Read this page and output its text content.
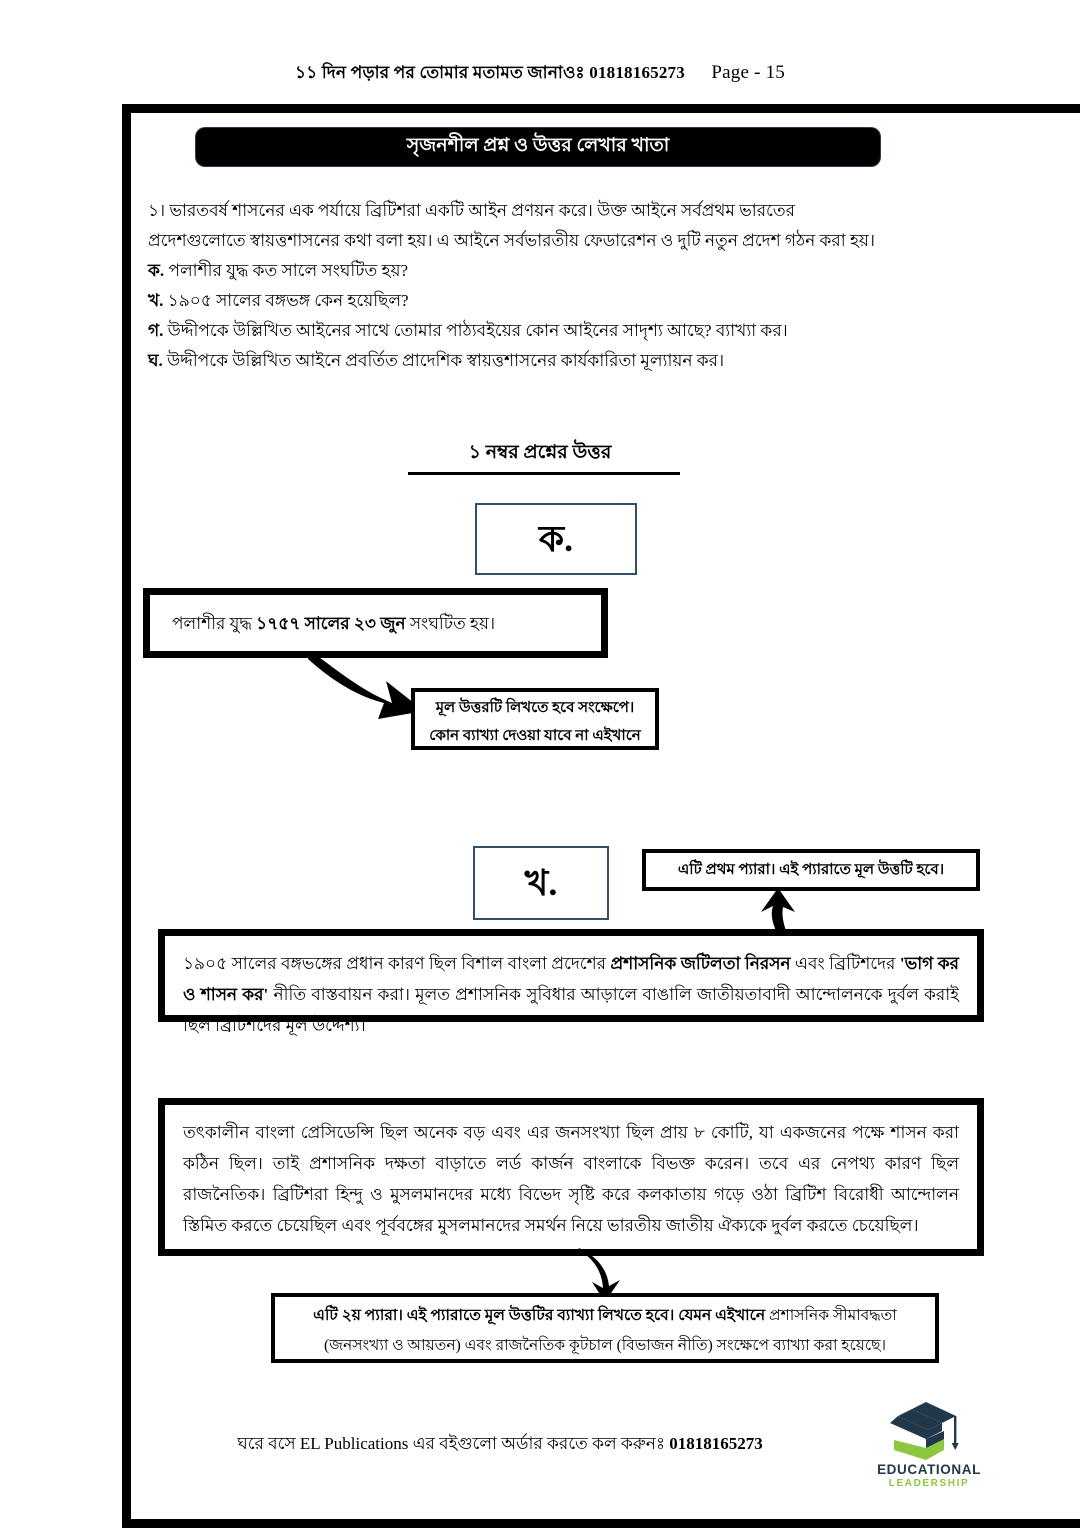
১১ দিন পড়ার পর তোমার মতামত জানাওঃ 01818165273 Page - 15
সৃজনশীল প্রশ্ন ও উত্তর লেখার খাতা
১। ভারতবর্ষ শাসনের এক পর্যায়ে ব্রিটিশরা একটি আইন প্রণয়ন করে। উক্ত আইনে সর্বপ্রথম ভারতের
প্রদেশগুলোতে স্বায়ত্তশাসনের কথা বলা হয়। এ আইনে সর্বভারতীয় ফেডারেশন ও দুটি নতুন প্রদেশ গঠন করা হয়।
ক. পলাশীর যুদ্ধ কত সালে সংঘটিত হয়?
খ. ১৯০৫ সালের বঙ্গভঙ্গ কেন হয়েছিল?
গ. উদ্দীপকে উল্লিখিত আইনের সাথে তোমার পাঠ্যবইয়ের কোন আইনের সাদৃশ্য আছে? ব্যাখ্যা কর।
ঘ. উদ্দীপকে উল্লিখিত আইনে প্রবর্তিত প্রাদেশিক স্বায়ত্তশাসনের কার্যকারিতা মূল্যায়ন কর।
১ নম্বর প্রশ্নের উত্তর
ক.

পলাশীর যুদ্ধ ১৭৫৭ সালের ২৩ জুন সংঘটিত হয়।

মূল উত্তরটি লিখতে হবে সংক্ষেপে।
কোন ব্যাখ্যা দেওয়া যাবে না এইখানে
খ.	এটি প্রথম প্যারা। এই প্যারাতে মূল উত্তটি হবে।

১৯০৫ সালের বঙ্গভঙ্গের প্রধান কারণ ছিল বিশাল বাংলা প্রদেশের প্রশাসনিক জটিলতা নিরসন এবং ব্রিটিশদের 'ভাগ কর ও শাসন কর' নীতি বাস্তবায়ন করা। মূলত প্রশাসনিক সুবিধার আড়ালে বাঙালি জাতীয়তাবাদী আন্দোলনকে দুর্বল করাই ছিল ব্রিটিশদের মূল উদ্দেশ্য।

তৎকালীন বাংলা প্রেসিডেন্সি ছিল অনেক বড় এবং এর জনসংখ্যা ছিল প্রায় ৮ কোটি, যা একজনের পক্ষে শাসন করা কঠিন ছিল। তাই প্রশাসনিক দক্ষতা বাড়াতে লর্ড কার্জন বাংলাকে বিভক্ত করেন। তবে এর নেপথ্য কারণ ছিল রাজনৈতিক। ব্রিটিশরা হিন্দু ও মুসলমানদের মধ্যে বিভেদ সৃষ্টি করে কলকাতায় গড়ে ওঠা ব্রিটিশ বিরোধী আন্দোলন স্তিমিত করতে চেয়েছিল এবং পূর্ববঙ্গের মুসলমানদের সমর্থন নিয়ে ভারতীয় জাতীয় ঐক্যকে দুর্বল করতে চেয়েছিল।

এটি ২য় প্যারা। এই প্যারাতে মূল উত্তটির ব্যাখ্যা লিখতে হবে। যেমন এইখানে প্রশাসনিক সীমাবদ্ধতা (জনসংখ্যা ও আয়তন) এবং রাজনৈতিক কূটচাল (বিভাজন নীতি) সংক্ষেপে ব্যাখ্যা করা হয়েছে।
ঘরে বসে EL Publications এর বইগুলো অর্ডার করতে কল করুনঃ 01818165273
EDUCATIONAL
LEADERSHIP
